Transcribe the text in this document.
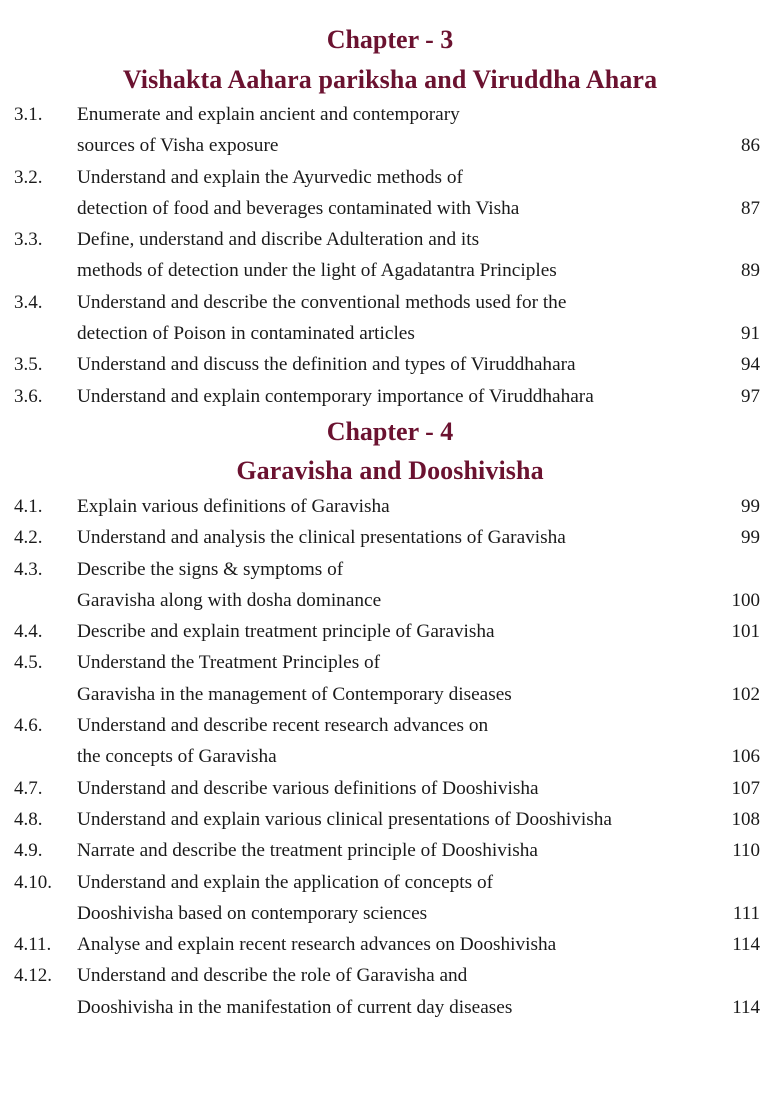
Chapter - 3
Vishakta Aahara pariksha and Viruddha Ahara
3.1.	Enumerate and explain ancient and contemporary
sources of Visha exposure	86
3.2.	Understand and explain the Ayurvedic methods of
detection of food and beverages contaminated with Visha	87
3.3.	Define, understand and discribe Adulteration and its
methods of detection under the light of Agadatantra Principles	89
3.4.	Understand and describe the conventional methods used for the
detection of Poison in contaminated articles	91
3.5.	Understand and discuss the definition and types of Viruddhahara	94
3.6.	Understand and explain contemporary importance of Viruddhahara	97
Chapter - 4
Garavisha and Dooshivisha
4.1.	Explain various definitions of Garavisha	99
4.2.	Understand and analysis the clinical presentations of Garavisha	99
4.3.	Describe the signs & symptoms of
Garavisha along with dosha dominance	100
4.4.	Describe and explain treatment principle of Garavisha	101
4.5.	Understand the Treatment Principles of
Garavisha in the management of Contemporary diseases	102
4.6.	Understand and describe recent research advances on
the concepts of Garavisha	106
4.7.	Understand and describe various definitions of Dooshivisha	107
4.8.	Understand and explain various clinical presentations of Dooshivisha	108
4.9.	Narrate and describe the treatment principle of Dooshivisha	110
4.10.	Understand and explain the application of concepts of
Dooshivisha based on contemporary sciences	111
4.11.	Analyse and explain recent research advances on Dooshivisha	114
4.12.	Understand and describe the role of Garavisha and
Dooshivisha in the manifestation of current day diseases	114
